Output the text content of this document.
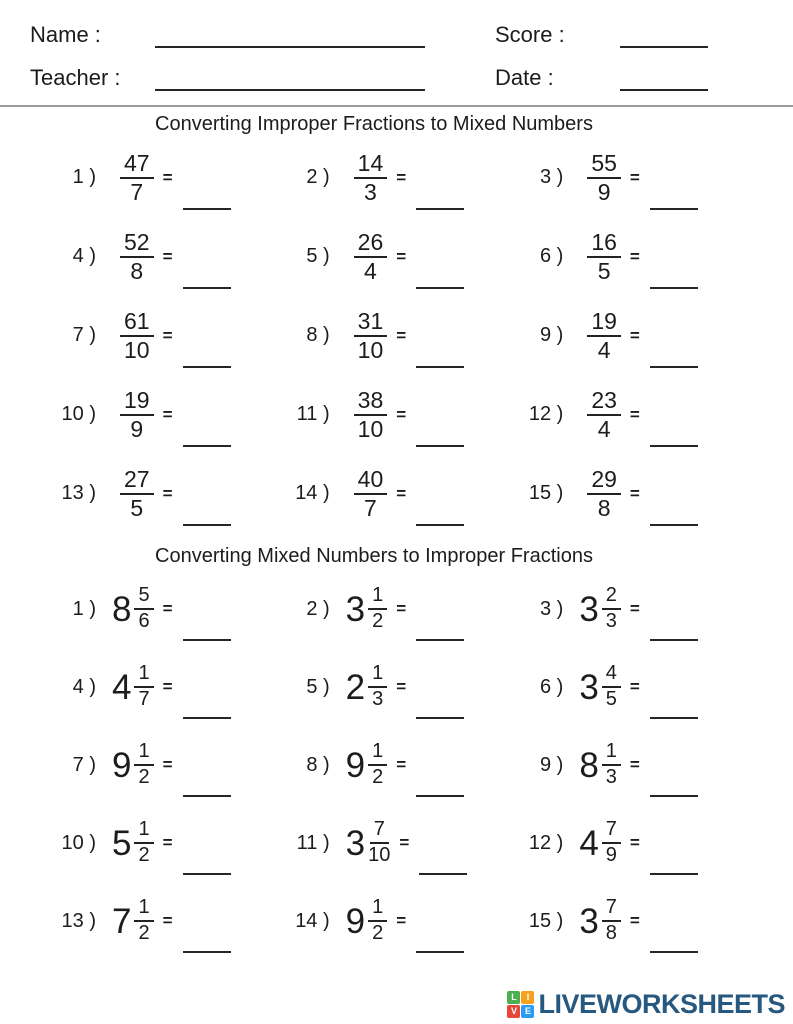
Name :	Score :
Teacher :	Date :
Converting Improper Fractions to Mixed Numbers
1 ) $\frac{47}{7}$ =	2 ) $\frac{14}{3}$ =	3 ) $\frac{55}{9}$ =
4 ) $\frac{52}{8}$ =	5 ) $\frac{26}{4}$ =	6 ) $\frac{16}{5}$ =
7 ) $\frac{61}{10}$ =	8 ) $\frac{31}{10}$ =	9 ) $\frac{19}{4}$ =
10 ) $\frac{19}{9}$ =	11 ) $\frac{38}{10}$ =	12 ) $\frac{23}{4}$ =
13 ) $\frac{27}{5}$ =	14 ) $\frac{40}{7}$ =	15 ) $\frac{29}{8}$ =
Converting Mixed Numbers to Improper Fractions
1 ) $8 \frac{5}{6}$ =	2 ) $3 \frac{1}{2}$ =	3 ) $3 \frac{2}{3}$ =
4 ) $4 \frac{1}{7}$ =	5 ) $2 \frac{1}{3}$ =	6 ) $3 \frac{4}{5}$ =
7 ) $9 \frac{1}{2}$ =	8 ) $9 \frac{1}{2}$ =	9 ) $8 \frac{1}{3}$ =
10 ) $5 \frac{1}{2}$ =	11 ) $3 \frac{7}{10}$ =	12 ) $4 \frac{7}{9}$ =
13 ) $7 \frac{1}{2}$ =	14 ) $9 \frac{1}{2}$ =	15 ) $3 \frac{7}{8}$ =
L	I
V E LIVEWORKSHEETS
